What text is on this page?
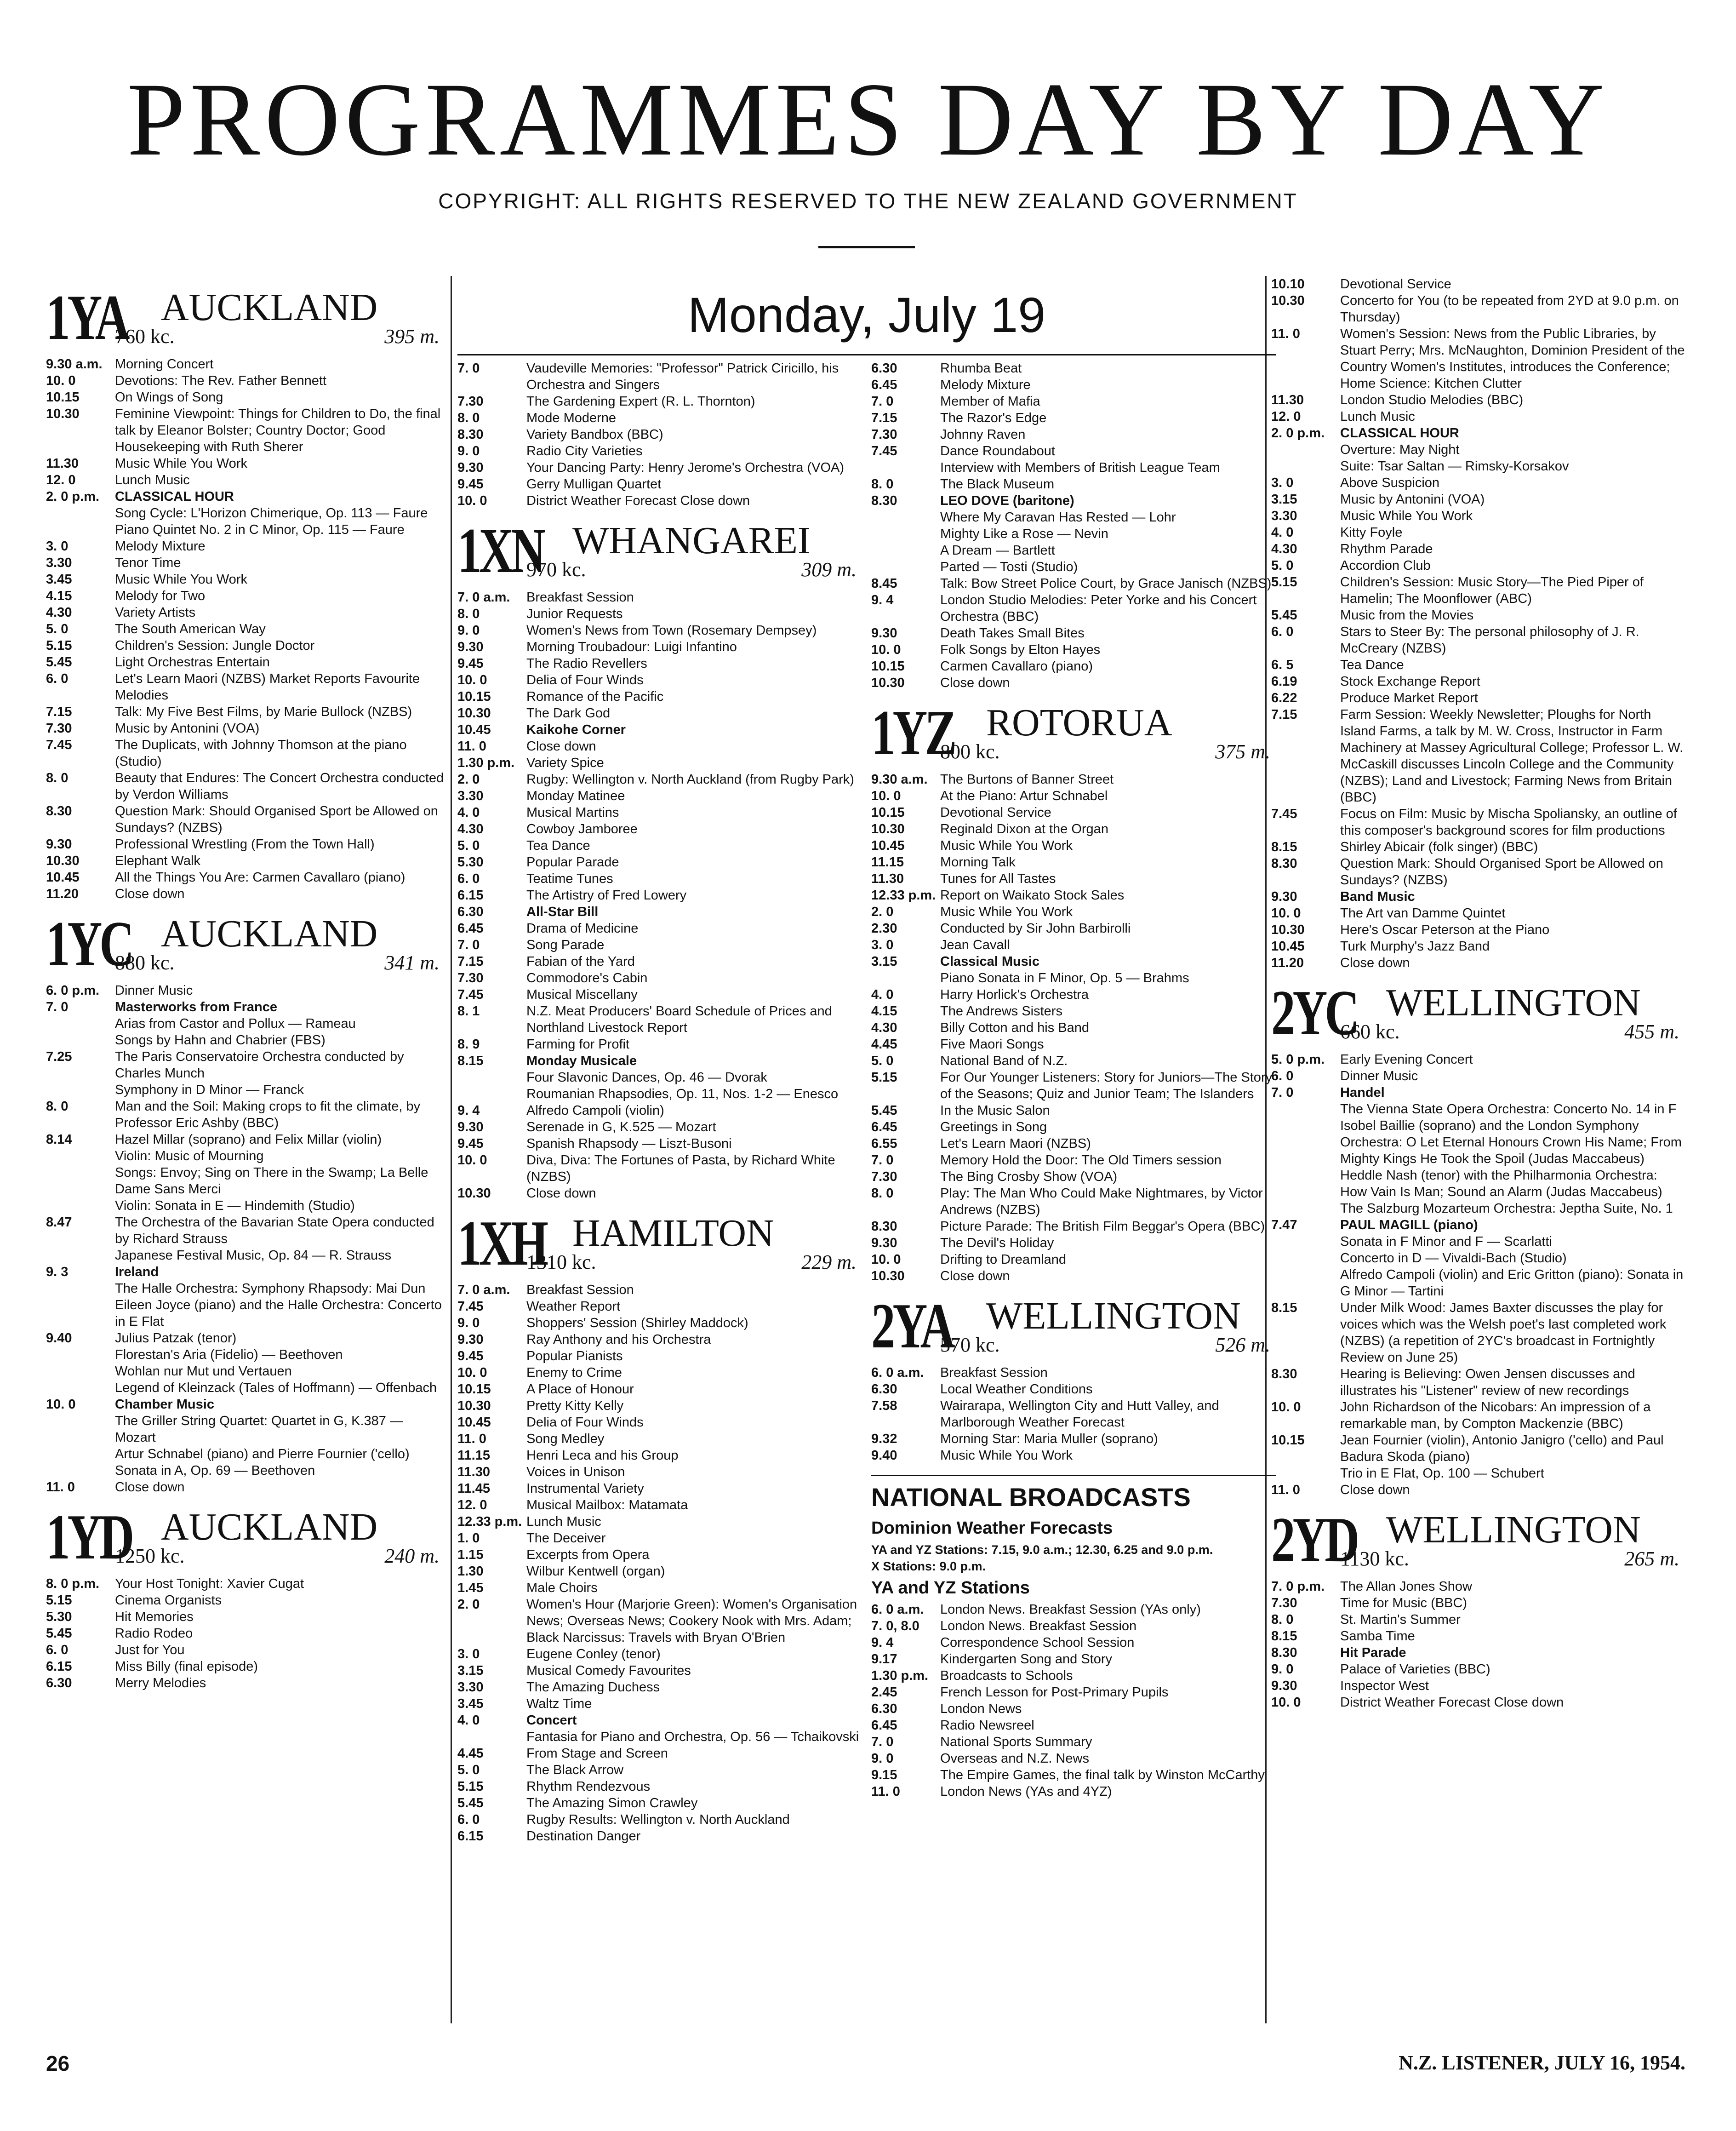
PROGRAMMES DAY BY DAY
COPYRIGHT: ALL RIGHTS RESERVED TO THE NEW ZEALAND GOVERNMENT
1YA AUCKLAND
760 kc.	395 m.
9.30 a.m. Morning Concert
10. 0	Devotions: The Rev. Father Bennett
10.15	On Wings of Song
10.30	Feminine Viewpoint: Things for Children to Do, the final talk by Eleanor Bolster; Country Doctor; Good Housekeeping with Ruth Sherer
11.30	Music While You Work
12. 0	Lunch Music
2. 0 p.m.	CLASSICAL HOUR
Song Cycle: L'Horizon Chimerique, Op. 113 — Faure
Piano Quintet No. 2 in C Minor, Op. 115 — Faure
3. 0	Melody Mixture
3.30	Tenor Time
3.45	Music While You Work
4.15	Melody for Two
4.30	Variety Artists
5. 0	The South American Way
5.15	Children's Session: Jungle Doctor
5.45	Light Orchestras Entertain
6. 0	Let's Learn Maori (NZBS) Market Reports Favourite Melodies
7.15	Talk: My Five Best Films, by Marie Bullock (NZBS)
7.30	Music by Antonini (VOA)
7.45	The Duplicats, with Johnny Thomson at the piano (Studio)
8. 0	Beauty that Endures: The Concert Orchestra conducted by Verdon Williams
8.30	Question Mark: Should Organised Sport be Allowed on Sundays? (NZBS)
9.30	Professional Wrestling (From the Town Hall)
10.30	Elephant Walk
10.45	All the Things You Are: Carmen Cavallaro (piano)
11.20	Close down
1YC AUCKLAND
880 kc.	341 m.
6. 0 p.m.	Dinner Music
7. 0	Masterworks from France
Arias from Castor and Pollux — Rameau
Songs by Hahn and Chabrier (FBS)
7.25	The Paris Conservatoire Orchestra conducted by Charles Munch
Symphony in D Minor — Franck
8. 0	Man and the Soil: Making crops to fit the climate, by Professor Eric Ashby (BBC)
8.14	Hazel Millar (soprano) and Felix Millar (violin)
Violin: Music of Mourning
Songs: Envoy; Sing on There in the Swamp; La Belle Dame Sans Merci
Violin: Sonata in E — Hindemith (Studio)
8.47	The Orchestra of the Bavarian State Opera conducted by Richard Strauss
Japanese Festival Music, Op. 84 — R. Strauss
9. 3	Ireland
The Halle Orchestra: Symphony Rhapsody: Mai Dun
Eileen Joyce (piano) and the Halle Orchestra: Concerto in E Flat
9.40	Julius Patzak (tenor)
Florestan's Aria (Fidelio) — Beethoven
Wohlan nur Mut und Vertauen
Legend of Kleinzack (Tales of Hoffmann) — Offenbach
10. 0	Chamber Music
The Griller String Quartet: Quartet in G, K.387 — Mozart
Artur Schnabel (piano) and Pierre Fournier ('cello)
Sonata in A, Op. 69 — Beethoven
11. 0	Close down
1YD AUCKLAND
1250 kc.	240 m.
8. 0 p.m.	Your Host Tonight: Xavier Cugat
5.15	Cinema Organists
5.30	Hit Memories
5.45	Radio Rodeo
6. 0	Just for You
6.15	Miss Billy (final episode)
6.30	Merry Melodies
Monday, July 19
7. 0	Vaudeville Memories: "Professor" Patrick Ciricillo, his Orchestra and Singers
7.30	The Gardening Expert (R. L. Thornton)
8. 0	Mode Moderne
8.30	Variety Bandbox (BBC)
9. 0	Radio City Varieties
9.30	Your Dancing Party: Henry Jerome's Orchestra (VOA)
9.45	Gerry Mulligan Quartet
10. 0	District Weather Forecast Close down
1XN WHANGAREI
970 kc.	309 m.
7. 0 a.m.	Breakfast Session
8. 0	Junior Requests
9. 0	Women's News from Town (Rosemary Dempsey)
9.30	Morning Troubadour: Luigi Infantino
9.45	The Radio Revellers
10. 0	Delia of Four Winds
10.15	Romance of the Pacific
10.30	The Dark God
10.45	Kaikohe Corner
11. 0	Close down
1.30 p.m. Variety Spice
2. 0	Rugby: Wellington v. North Auckland (from Rugby Park)
3.30	Monday Matinee
4. 0	Musical Martins
4.30	Cowboy Jamboree
5. 0	Tea Dance
5.30	Popular Parade
6. 0	Teatime Tunes
6.15	The Artistry of Fred Lowery
6.30	All-Star Bill
6.45	Drama of Medicine
7. 0	Song Parade
7.15	Fabian of the Yard
7.30	Commodore's Cabin
7.45	Musical Miscellany
8. 1	N.Z. Meat Producers' Board Schedule of Prices and Northland Livestock Report
8. 9	Farming for Profit
8.15	Monday Musicale
Four Slavonic Dances, Op. 46 — Dvorak
Roumanian Rhapsodies, Op. 11, Nos. 1-2 — Enesco
9. 4	Alfredo Campoli (violin)
9.30	Serenade in G, K.525 — Mozart
9.45	Spanish Rhapsody — Liszt-Busoni
10. 0	Diva, Diva: The Fortunes of Pasta, by Richard White (NZBS)
10.30	Close down
1XH HAMILTON
1310 kc.	229 m.
7. 0 a.m.	Breakfast Session
7.45	Weather Report
9. 0	Shoppers' Session (Shirley Maddock)
9.30	Ray Anthony and his Orchestra
9.45	Popular Pianists
10. 0	Enemy to Crime
10.15	A Place of Honour
10.30	Pretty Kitty Kelly
10.45	Delia of Four Winds
11. 0	Song Medley
11.15	Henri Leca and his Group
11.30	Voices in Unison
11.45	Instrumental Variety
12. 0	Musical Mailbox: Matamata
12.33 p.m. Lunch Music
1. 0	The Deceiver
1.15	Excerpts from Opera
1.30	Wilbur Kentwell (organ)
1.45	Male Choirs
2. 0	Women's Hour (Marjorie Green): Women's Organisation News; Overseas News; Cookery Nook with Mrs. Adam; Black Narcissus: Travels with Bryan O'Brien
3. 0	Eugene Conley (tenor)
3.15	Musical Comedy Favourites
3.30	The Amazing Duchess
3.45	Waltz Time
4. 0	Concert
Fantasia for Piano and Orchestra, Op. 56 — Tchaikovski
4.45	From Stage and Screen
5. 0	The Black Arrow
5.15	Rhythm Rendezvous
5.45	The Amazing Simon Crawley
6. 0	Rugby Results: Wellington v. North Auckland
6.15	Destination Danger
6.30	Rhumba Beat
6.45	Melody Mixture
7. 0	Member of Mafia
7.15	The Razor's Edge
7.30	Johnny Raven
7.45	Dance Roundabout
Interview with Members of British League Team
8. 0	The Black Museum
8.30	LEO DOVE (baritone)
Where My Caravan Has Rested — Lohr
Mighty Like a Rose — Nevin
A Dream — Bartlett
Parted — Tosti (Studio)
8.45	Talk: Bow Street Police Court, by Grace Janisch (NZBS)
9. 4	London Studio Melodies: Peter Yorke and his Concert Orchestra (BBC)
9.30	Death Takes Small Bites
10. 0	Folk Songs by Elton Hayes
10.15	Carmen Cavallaro (piano)
10.30	Close down
1YZ ROTORUA
800 kc.	375 m.
9.30 a.m. The Burtons of Banner Street
10. 0	At the Piano: Artur Schnabel
10.15	Devotional Service
10.30	Reginald Dixon at the Organ
10.45	Music While You Work
11.15	Morning Talk
11.30	Tunes for All Tastes
12.33 p.m. Report on Waikato Stock Sales
2. 0	Music While You Work
2.30	Conducted by Sir John Barbirolli
3. 0	Jean Cavall
3.15	Classical Music
Piano Sonata in F Minor, Op. 5 — Brahms
4. 0	Harry Horlick's Orchestra
4.15	The Andrews Sisters
4.30	Billy Cotton and his Band
4.45	Five Maori Songs
5. 0	National Band of N.Z.
5.15	For Our Younger Listeners: Story for Juniors—The Story of the Seasons; Quiz and Junior Team; The Islanders
5.45	In the Music Salon
6.45	Greetings in Song
6.55	Let's Learn Maori (NZBS)
7. 0	Memory Hold the Door: The Old Timers session
7.30	The Bing Crosby Show (VOA)
8. 0	Play: The Man Who Could Make Nightmares, by Victor Andrews (NZBS)
8.30	Picture Parade: The British Film Beggar's Opera (BBC)
9.30	The Devil's Holiday
10. 0	Drifting to Dreamland
10.30	Close down
2YA WELLINGTON
570 kc.	526 m.
6. 0 a.m.	Breakfast Session
6.30	Local Weather Conditions
7.58	Wairarapa, Wellington City and Hutt Valley, and Marlborough Weather Forecast
9.32	Morning Star: Maria Muller (soprano)
9.40	Music While You Work
NATIONAL BROADCASTS
Dominion Weather Forecasts
YA and YZ Stations: 7.15, 9.0 a.m.; 12.30, 6.25 and 9.0 p.m.
X Stations: 9.0 p.m.
YA and YZ Stations
6. 0 a.m.	London News. Breakfast Session (YAs only)
7. 0, 8.0	London News. Breakfast Session
9. 4	Correspondence School Session
9.17	Kindergarten Song and Story
1.30 p.m. Broadcasts to Schools
2.45	French Lesson for Post-Primary Pupils
6.30	London News
6.45	Radio Newsreel
7. 0	National Sports Summary
9. 0	Overseas and N.Z. News
9.15	The Empire Games, the final talk by Winston McCarthy
11. 0	London News (YAs and 4YZ)
10.10	Devotional Service
10.30	Concerto for You (to be repeated from 2YD at 9.0 p.m. on Thursday)
11. 0	Women's Session: News from the Public Libraries, by Stuart Perry; Mrs. McNaughton, Dominion President of the Country Women's Institutes, introduces the Conference; Home Science: Kitchen Clutter
11.30	London Studio Melodies (BBC)
12. 0	Lunch Music
2. 0 p.m.	CLASSICAL HOUR
Overture: May Night
Suite: Tsar Saltan — Rimsky-Korsakov
3. 0	Above Suspicion
3.15	Music by Antonini (VOA)
3.30	Music While You Work
4. 0	Kitty Foyle
4.30	Rhythm Parade
5. 0	Accordion Club
5.15	Children's Session: Music Story—The Pied Piper of Hamelin; The Moonflower (ABC)
5.45	Music from the Movies
6. 0	Stars to Steer By: The personal philosophy of J. R. McCreary (NZBS)
6. 5	Tea Dance
6.19	Stock Exchange Report
6.22	Produce Market Report
7.15	Farm Session: Weekly Newsletter; Ploughs for North Island Farms, a talk by M. W. Cross, Instructor in Farm Machinery at Massey Agricultural College; Professor L. W. McCaskill discusses Lincoln College and the Community (NZBS); Land and Livestock; Farming News from Britain (BBC)
7.45	Focus on Film: Music by Mischa Spoliansky, an outline of this composer's background scores for film productions
8.15	Shirley Abicair (folk singer) (BBC)
8.30	Question Mark: Should Organised Sport be Allowed on Sundays? (NZBS)
9.30	Band Music
10. 0	The Art van Damme Quintet
10.30	Here's Oscar Peterson at the Piano
10.45	Turk Murphy's Jazz Band
11.20	Close down
2YC WELLINGTON
660 kc.	455 m.
5. 0 p.m.	Early Evening Concert
6. 0	Dinner Music
7. 0	Handel
The Vienna State Opera Orchestra: Concerto No. 14 in F
Isobel Baillie (soprano) and the London Symphony Orchestra: O Let Eternal Honours Crown His Name; From Mighty Kings He Took the Spoil (Judas Maccabeus)
Heddle Nash (tenor) with the Philharmonia Orchestra: How Vain Is Man; Sound an Alarm (Judas Maccabeus)
The Salzburg Mozarteum Orchestra: Jeptha Suite, No. 1
7.47	PAUL MAGILL (piano)
Sonata in F Minor and F — Scarlatti
Concerto in D — Vivaldi-Bach (Studio)
Alfredo Campoli (violin) and Eric Gritton (piano): Sonata in G Minor — Tartini
8.15	Under Milk Wood: James Baxter discusses the play for voices which was the Welsh poet's last completed work (NZBS) (a repetition of 2YC's broadcast in Fortnightly Review on June 25)
8.30	Hearing is Believing: Owen Jensen discusses and illustrates his "Listener" review of new recordings
10. 0	John Richardson of the Nicobars: An impression of a remarkable man, by Compton Mackenzie (BBC)
10.15	Jean Fournier (violin), Antonio Janigro ('cello) and Paul Badura Skoda (piano)
Trio in E Flat, Op. 100 — Schubert
11. 0	Close down
2YD WELLINGTON
1130 kc.	265 m.
7. 0 p.m.	The Allan Jones Show
7.30	Time for Music (BBC)
8. 0	St. Martin's Summer
8.15	Samba Time
8.30	Hit Parade
9. 0	Palace of Varieties (BBC)
9.30	Inspector West
10. 0	District Weather Forecast Close down
26	N.Z. LISTENER, JULY 16, 1954.
